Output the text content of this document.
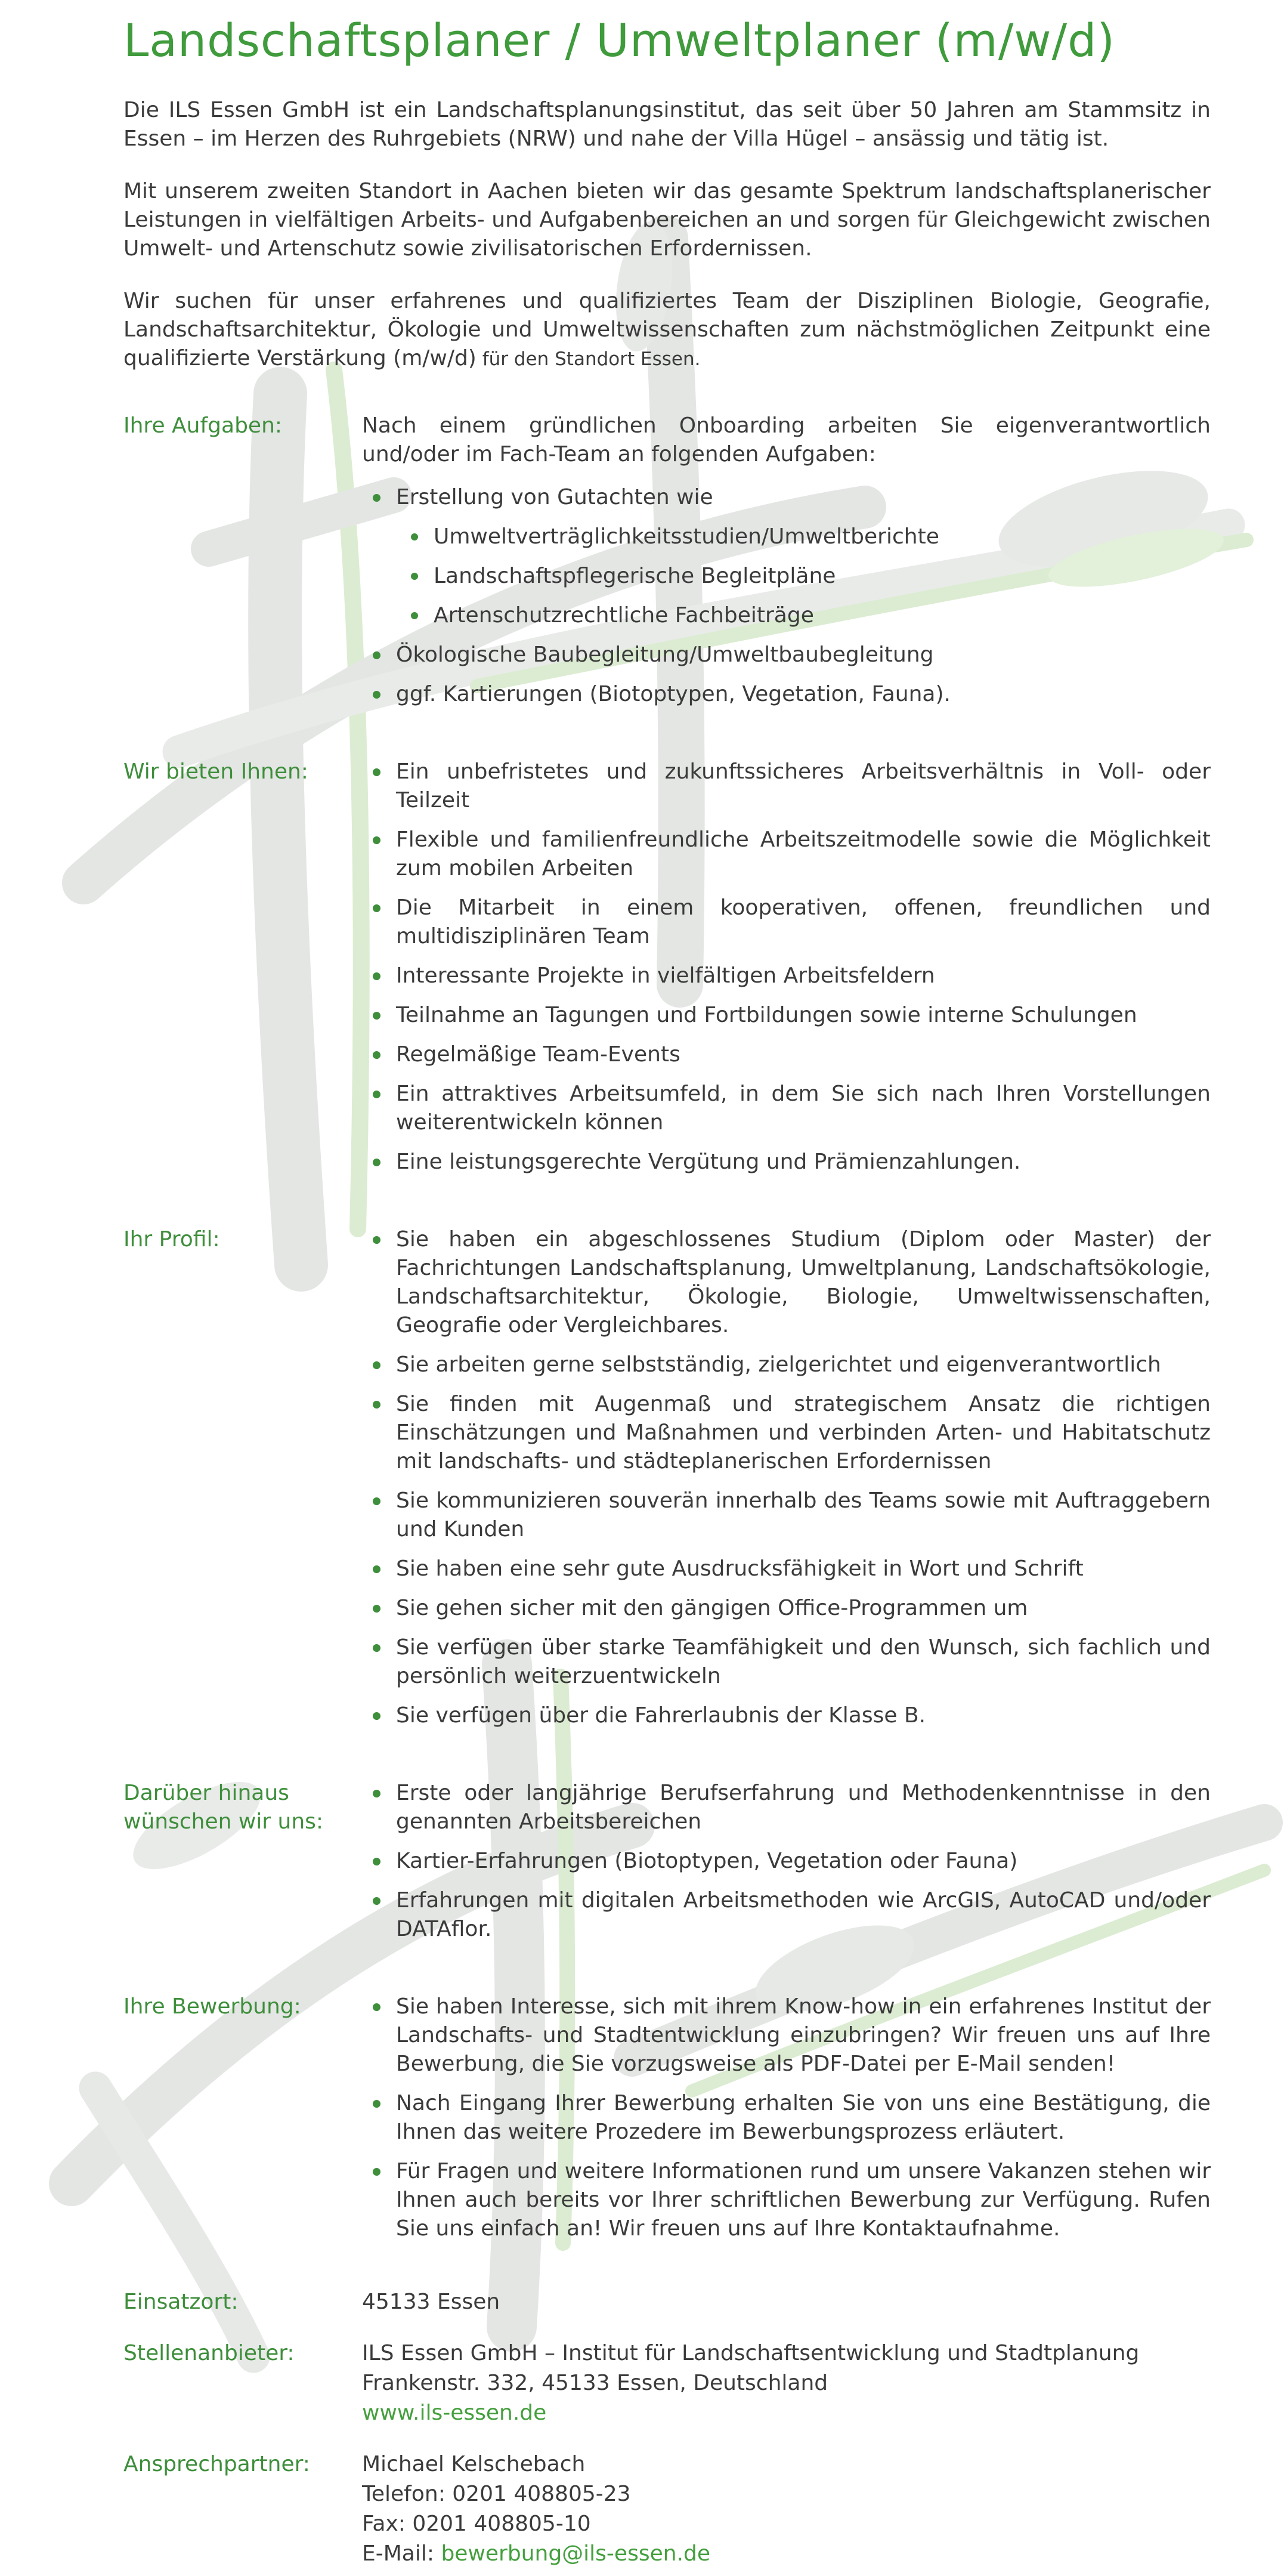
Landschaftsplaner / Umweltplaner (m/w/d)

Die ILS Essen GmbH ist ein Landschaftsplanungsinstitut, das seit über 50 Jahren am Stammsitz in Essen – im Herzen des Ruhrgebiets (NRW) und nahe der Villa Hügel – ansässig und tätig ist.

Mit unserem zweiten Standort in Aachen bieten wir das gesamte Spektrum landschaftsplanerischer Leistungen in vielfältigen Arbeits- und Aufgabenbereichen an und sorgen für Gleichgewicht zwischen Umwelt- und Artenschutz sowie zivilisatorischen Erfordernissen.

Wir suchen für unser erfahrenes und qualifiziertes Team der Disziplinen Biologie, Geografie, Landschaftsarchitektur, Ökologie und Umweltwissenschaften zum nächstmöglichen Zeitpunkt eine qualifizierte Verstärkung (m/w/d) für den Standort Essen.

Ihre Aufgaben:	Nach einem gründlichen Onboarding arbeiten Sie eigenverantwortlich und/oder im Fach-Team an folgenden Aufgaben:

Erstellung von Gutachten wie
Umweltverträglichkeitsstudien/Umweltberichte
Landschaftspflegerische Begleitpläne
Artenschutzrechtliche Fachbeiträge
Ökologische Baubegleitung/Umweltbaubegleitung
ggf. Kartierungen (Biotoptypen, Vegetation, Fauna).
Wir bieten Ihnen:	Ein unbefristetes und zukunftssicheres Arbeitsverhältnis in Voll- oder Teilzeit
Flexible und familienfreundliche Arbeitszeitmodelle sowie die Möglichkeit zum mobilen Arbeiten
Die Mitarbeit in einem kooperativen, offenen, freundlichen und multidisziplinären Team
Interessante Projekte in vielfältigen Arbeitsfeldern
Teilnahme an Tagungen und Fortbildungen sowie interne Schulungen
Regelmäßige Team-Events
Ein attraktives Arbeitsumfeld, in dem Sie sich nach Ihren Vorstellungen weiterentwickeln können
Eine leistungsgerechte Vergütung und Prämienzahlungen.
Ihr Profil:	Sie haben ein abgeschlossenes Studium (Diplom oder Master) der Fachrichtungen Landschaftsplanung, Umweltplanung, Landschaftsökologie, Landschaftsarchitektur, Ökologie, Biologie, Umweltwissenschaften, Geografie oder Vergleichbares.
Sie arbeiten gerne selbstständig, zielgerichtet und eigenverantwortlich
Sie finden mit Augenmaß und strategischem Ansatz die richtigen Einschätzungen und Maßnahmen und verbinden Arten- und Habitatschutz mit landschafts- und städteplanerischen Erfordernissen
Sie kommunizieren souverän innerhalb des Teams sowie mit Auftraggebern und Kunden
Sie haben eine sehr gute Ausdrucksfähigkeit in Wort und Schrift
Sie gehen sicher mit den gängigen Office-Programmen um
Sie verfügen über starke Teamfähigkeit und den Wunsch, sich fachlich und persönlich weiterzuentwickeln
Sie verfügen über die Fahrerlaubnis der Klasse B.
Darüber hinaus wünschen wir uns:
Erste oder langjährige Berufserfahrung und Methodenkenntnisse in den genannten Arbeitsbereichen
Kartier-Erfahrungen (Biotoptypen, Vegetation oder Fauna)
Erfahrungen mit digitalen Arbeitsmethoden wie ArcGIS, AutoCAD und/oder DATAflor.
Ihre Bewerbung:	Sie haben Interesse, sich mit ihrem Know-how in ein erfahrenes Institut der Landschafts- und Stadtentwicklung einzubringen? Wir freuen uns auf Ihre Bewerbung, die Sie vorzugsweise als PDF-Datei per E-Mail senden!
Nach Eingang Ihrer Bewerbung erhalten Sie von uns eine Bestätigung, die Ihnen das weitere Prozedere im Bewerbungsprozess erläutert.
Für Fragen und weitere Informationen rund um unsere Vakanzen stehen wir Ihnen auch bereits vor Ihrer schriftlichen Bewerbung zur Verfügung. Rufen Sie uns einfach an! Wir freuen uns auf Ihre Kontaktaufnahme.
Einsatzort:	45133 Essen

Stellenanbieter:	ILS Essen GmbH – Institut für Landschaftsentwicklung und Stadtplanung

Frankenstr. 332, 45133 Essen, Deutschland

www.ils-essen.de

Ansprechpartner:	Michael Kelschebach

Telefon: 0201 408805-23

Fax: 0201 408805-10

E-Mail: bewerbung@ils-essen.de
